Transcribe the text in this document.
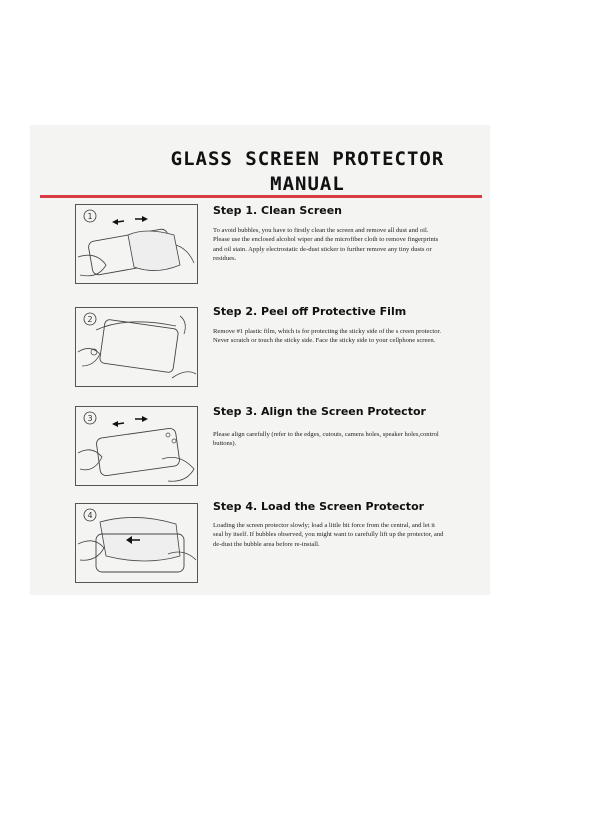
GLASS SCREEN PROTECTOR
MANUAL
1	Step 1. Clean Screen
To avoid bubbles, you have to firstly clean the screen and remove all dust and oil. Please use the enclosed alcohol wiper and the microfiber cloth to remove fingerprints and oil stain. Apply electrostatic de-dust sticker to further remove any tiny dusts or residues.
2
Step 2. Peel off Protective Film
Remove #1 plastic film, which is for protecting the sticky side of the s creen protector. Never scratch or touch the sticky side. Face the sticky side to your cellphone screen.
3
Step 3. Align the Screen Protector
Please align carefully (refer to the edges, cutouts, camera holes, speaker holes,control buttons).
4
Step 4. Load the Screen Protector
Loading the screen protector slowly; load a little bit force from the central, and let it seal by itself. If bubbles observed, you might want to carefully lift up the protector, and de-dust the bubble area before re-install.
